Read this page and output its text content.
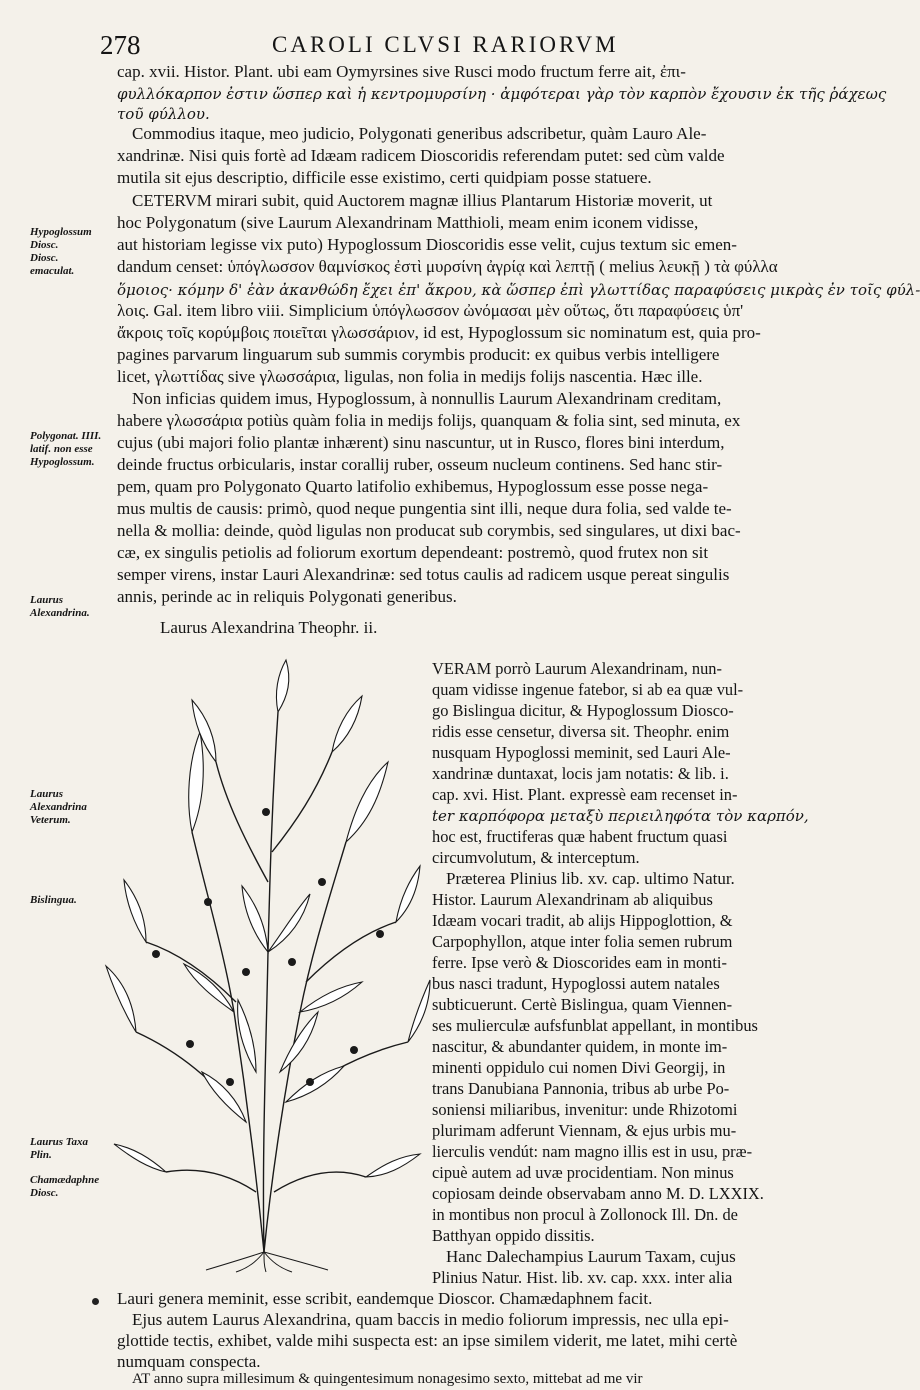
278	CAROLI CLVSI RARIORVM
cap. xvii. Histor. Plant. ubi eam Oymyrsines sive Rusci modo fructum ferre ait, ἐπι-
φυλλόκαρπον ἐστιν ὥσπερ καὶ ἡ κεντρομυρσίνη · ἀμφότεραι γὰρ τὸν καρπὸν ἔχουσιν ἐκ τῆς ῥάχεως
τοῦ φύλλου.
Commodius itaque, meo judicio, Polygonati generibus adscribetur, quàm Lauro Ale-
xandrinæ. Nisi quis fortè ad Idæam radicem Dioscoridis referendam putet: sed cùm valde
mutila sit ejus descriptio, difficile esse existimo, certi quidpiam posse statuere.
CETERVM mirari subit, quid Auctorem magnæ illius Plantarum Historiæ moverit, ut
hoc Polygonatum (sive Laurum Alexandrinam Matthioli, meam enim iconem vidisse,
aut historiam legisse vix puto) Hypoglossum Dioscoridis esse velit, cujus textum sic emen-
dandum censet: ὑπόγλωσσον θαμνίσκος ἐστὶ μυρσίνη ἀγρίᾳ καὶ λεπτῇ ( melius λευκῇ ) τὰ φύλλα
ὅμοιος· κόμην δ' ἐὰν ἀκανθώδη ἔχει ἐπ' ἄκρου, κὰ ὥσπερ ἐπὶ γλωττίδας παραφύσεις μικρὰς ἐν τοῖς φύλ-
λοις. Gal. item libro viii. Simplicium ὑπόγλωσσον ὠνόμασαι μὲν οὕτως, ὅτι παραφύσεις ὑπ'
ἄκροις τοῖς κορύμβοις ποιεῖται γλωσσάριον, id est, Hypoglossum sic nominatum est, quia pro-
pagines parvarum linguarum sub summis corymbis producit: ex quibus verbis intelligere
licet, γλωττίδας sive γλωσσάρια, ligulas, non folia in medijs folijs nascentia. Hæc ille.
Non inficias quidem imus, Hypoglossum, à nonnullis Laurum Alexandrinam creditam,
habere γλωσσάρια potiùs quàm folia in medijs folijs, quanquam & folia sint, sed minuta, ex
cujus (ubi majori folio plantæ inhærent) sinu nascuntur, ut in Rusco, flores bini interdum,
deinde fructus orbicularis, instar corallij ruber, osseum nucleum continens. Sed hanc stir-
pem, quam pro Polygonato Quarto latifolio exhibemus, Hypoglossum esse posse nega-
mus multis de causis: primò, quod neque pungentia sint illi, neque dura folia, sed valde te-
nella & mollia: deinde, quòd ligulas non producat sub corymbis, sed singulares, ut dixi bac-
cæ, ex singulis petiolis ad foliorum exortum dependeant: postremò, quod frutex non sit
semper virens, instar Lauri Alexandrinæ: sed totus caulis ad radicem usque pereat singulis
annis, perinde ac in reliquis Polygonati generibus.
Laurus Alexandrina Theophr. ii.
VERAM porrò Laurum Alexandrinam, nun-
quam vidisse ingenue fatebor, si ab ea quæ vul-
go Bislingua dicitur, & Hypoglossum Diosco-
ridis esse censetur, diversa sit. Theophr. enim
nusquam Hypoglossi meminit, sed Lauri Ale-
xandrinæ duntaxat, locis jam notatis: & lib. i.
cap. xvi. Hist. Plant. expressè eam recenset in-
ter καρπόφορα μεταξὺ περιειληφότα τὸν καρπόν,
hoc est, fructiferas quæ habent fructum quasi
circumvolutum, & interceptum.
Præterea Plinius lib. xv. cap. ultimo Natur.
Histor. Laurum Alexandrinam ab aliquibus
Idæam vocari tradit, ab alijs Hippoglottion, &
Carpophyllon, atque inter folia semen rubrum
ferre. Ipse verò & Dioscorides eam in monti-
bus nasci tradunt, Hypoglossi autem natales
subticuerunt. Certè Bislingua, quam Viennen-
ses mulierculæ aufsfunblat appellant, in montibus
nascitur, & abundanter quidem, in monte im-
minenti oppidulo cui nomen Divi Georgij, in
trans Danubiana Pannonia, tribus ab urbe Po-
soniensi miliaribus, invenitur: unde Rhizotomi
plurimam adferunt Viennam, & ejus urbis mu-
lierculis vendút: nam magno illis est in usu, præ-
cipuè autem ad uvæ procidentiam. Non minus
copiosam deinde observabam anno M. D. LXXIX.
in montibus non procul à Zollonock Ill. Dn. de
Batthyan oppido dissitis.
Hanc Dalechampius Laurum Taxam, cujus
Plinius Natur. Hist. lib. xv. cap. xxx. inter alia
Lauri genera meminit, esse scribit, eandemque Dioscor. Chamædaphnem facit.
Ejus autem Laurus Alexandrina, quam baccis in medio foliorum impressis, nec ulla epi-
glottide tectis, exhibet, valde mihi suspecta est: an ipse similem viderit, me latet, mihi certè
numquam conspecta.
AT anno supra millesimum & quingentesimum nonagesimo sexto, mittebat ad me vir
Hypoglossum Diosc.
Diosc. emaculat.
Polygonat. IIII. latif. non esse Hypoglossum.
Laurus Alexandrina.
Laurus Alexandrina Veterum.
Bislingua.
Laurus Taxa Plin.
Chamædaphne Diosc.
